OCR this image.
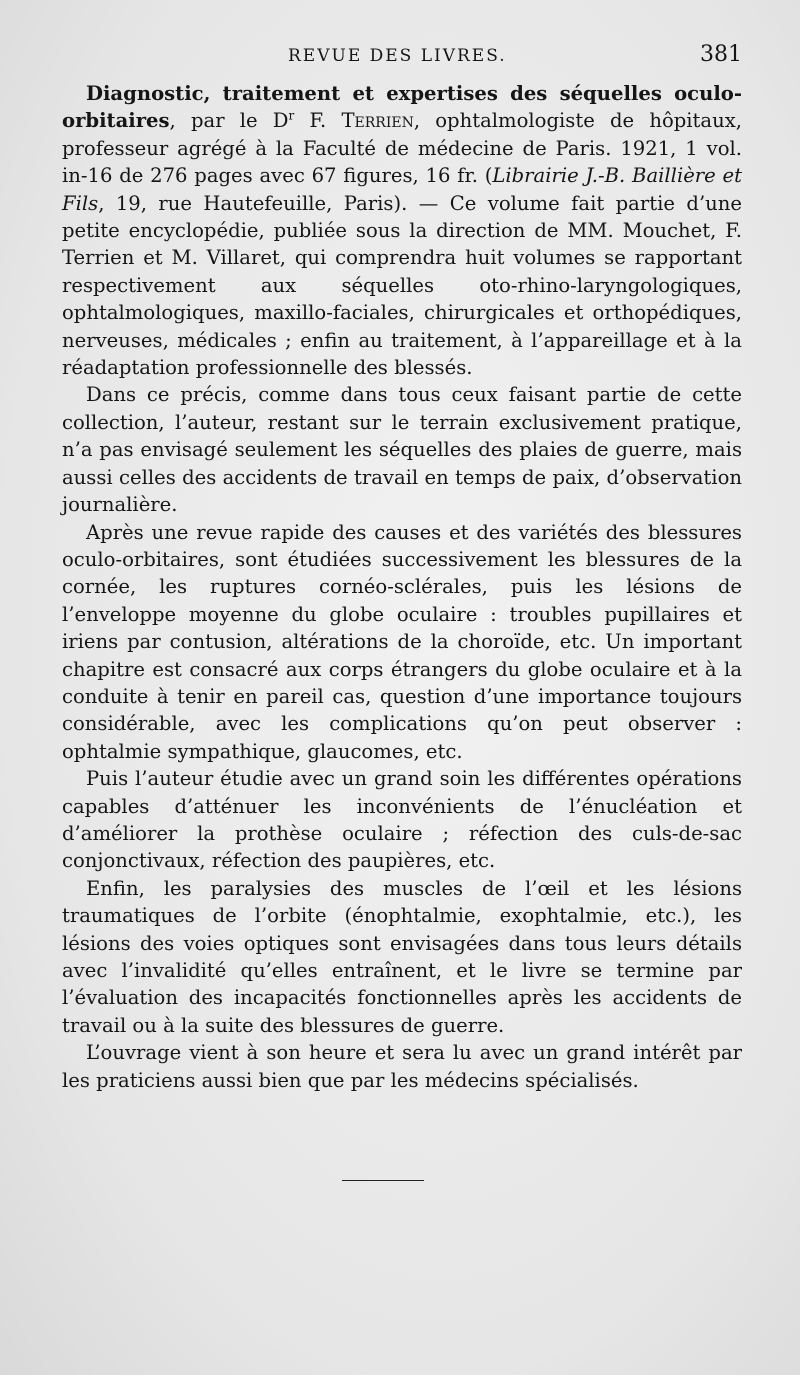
REVUE DES LIVRES.	381

Diagnostic, traitement et expertises des séquelles oculo-orbitaires, par le $D^r$ F. Terrien, ophtalmologiste de hôpitaux, professeur agrégé à la Faculté de médecine de Paris. 1921, 1 vol. in-16 de 276 pages avec 67 figures, 16 fr. (Librairie J.-B. Baillière et Fils, 19, rue Hautefeuille, Paris). — Ce volume fait partie d’une petite encyclopédie, publiée sous la direction de MM. Mouchet, F. Terrien et M. Villaret, qui comprendra huit volumes se rapportant respectivement aux séquelles oto-rhino-laryngologiques, ophtalmologiques, maxillo-faciales, chirurgicales et orthopédiques, nerveuses, médicales ; enfin au traitement, à l’appareillage et à la réadaptation professionnelle des blessés.

Dans ce précis, comme dans tous ceux faisant partie de cette collection, l’auteur, restant sur le terrain exclusivement pratique, n’a pas envisagé seulement les séquelles des plaies de guerre, mais aussi celles des accidents de travail en temps de paix, d’observation journalière.

Après une revue rapide des causes et des variétés des blessures oculo-orbitaires, sont étudiées successivement les blessures de la cornée, les ruptures cornéo-sclérales, puis les lésions de l’enveloppe moyenne du globe oculaire : troubles pupillaires et iriens par contusion, altérations de la choroïde, etc. Un important chapitre est consacré aux corps étrangers du globe oculaire et à la conduite à tenir en pareil cas, question d’une importance toujours considérable, avec les complications qu’on peut observer : ophtalmie sympathique, glaucomes, etc.

Puis l’auteur étudie avec un grand soin les différentes opérations capables d’atténuer les inconvénients de l’énucléation et d’améliorer la prothèse oculaire ; réfection des culs-de-sac conjonctivaux, réfection des paupières, etc.

Enfin, les paralysies des muscles de l’œil et les lésions traumatiques de l’orbite (énophtalmie, exophtalmie, etc.), les lésions des voies optiques sont envisagées dans tous leurs détails avec l’invalidité qu’elles entraînent, et le livre se termine par l’évaluation des incapacités fonctionnelles après les accidents de travail ou à la suite des blessures de guerre.

L’ouvrage vient à son heure et sera lu avec un grand intérêt par les praticiens aussi bien que par les médecins spécialisés.
